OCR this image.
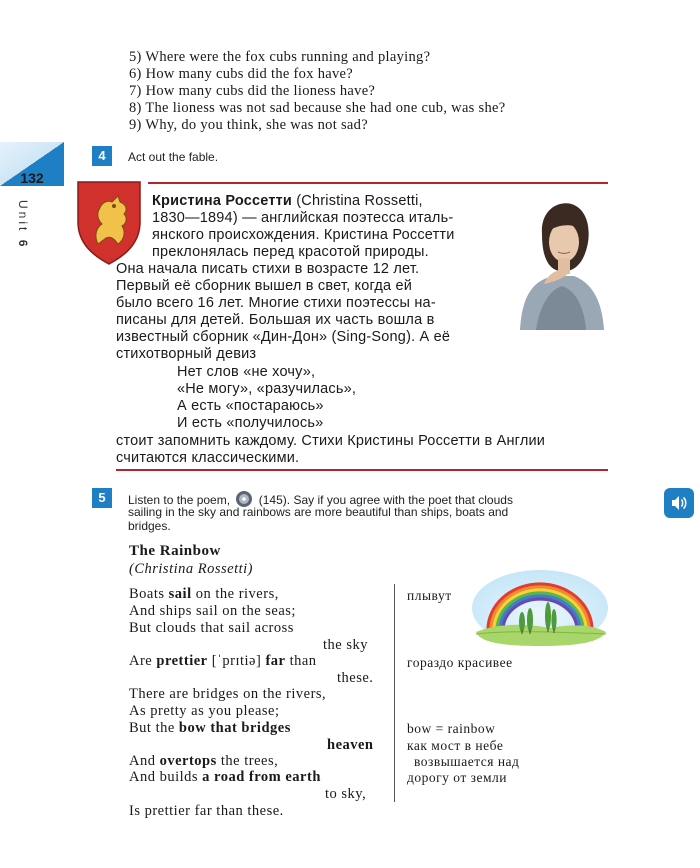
5) Where were the fox cubs running and playing?
6) How many cubs did the fox have?
7) How many cubs did the lioness have?
8) The lioness was not sad because she had one cub, was she?
9) Why, do you think, she was not sad?
132
Unit 6
4	Act out the fable.
Кристина Россетти (Christina Rossetti,
1830—1894) — английская поэтесса италь-
янского происхождения. Кристина Россетти
преклонялась перед красотой природы.
Она начала писать стихи в возрасте 12 лет.
Первый её сборник вышел в свет, когда ей
было всего 16 лет. Многие стихи поэтессы на-
писаны для детей. Большая их часть вошла в
известный сборник «Дин-Дон» (Sing-Song). А её
стихотворный девиз
Нет слов «не хочу»,
«Не могу», «разучилась»,
А есть «постараюсь»
И есть «получилось»
стоит запомнить каждому. Стихи Кристины Россетти в Англии
считаются классическими.
5	Listen to the poem, (145). Say if you agree with the poet that clouds
sailing in the sky and rainbows are more beautiful than ships, boats and
bridges.
The Rainbow
(Christina Rossetti)
Boats sail on the rivers,
And ships sail on the seas;
But clouds that sail across
the sky
Are prettier [ˈprɪtiə] far than
these.
There are bridges on the rivers,
As pretty as you please;
But the bow that bridges
heaven
And overtops the trees,
And builds a road from earth
to sky,
Is prettier far than these.
плывут
гораздо красивее
bow = rainbow
как мост в небе
возвышается над
дорогу от земли
